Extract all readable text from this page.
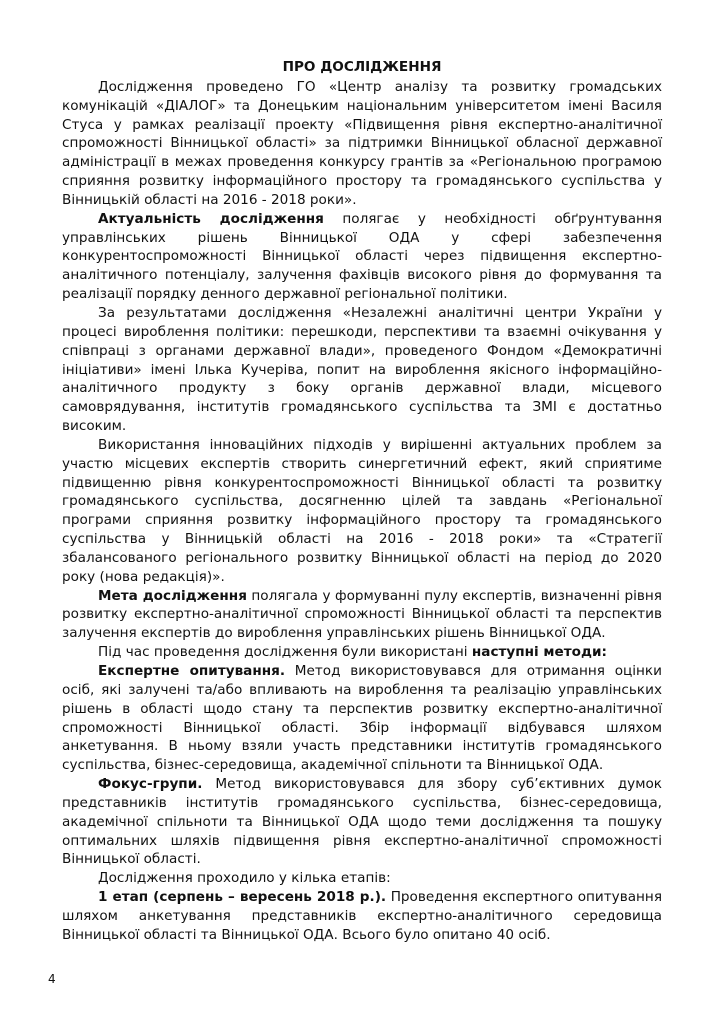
ПРО ДОСЛІДЖЕННЯ

Дослідження проведено ГО «Центр аналізу та розвитку громадських комунікацій «ДІАЛОГ» та Донецьким національним університетом імені Василя Стуса у рамках реалізації проекту «Підвищення рівня експертно-аналітичної спроможності Вінницької області» за підтримки Вінницької обласної державної адміністрації в межах проведення конкурсу грантів за «Регіональною програмою сприяння розвитку інформаційного простору та громадянського суспільства у Вінницькій області на 2016 - 2018 роки».

Актуальність дослідження полягає у необхідності обґрунтування управлінських рішень Вінницької ОДА у сфері забезпечення конкурентоспроможності Вінницької області через підвищення експертно-аналітичного потенціалу, залучення фахівців високого рівня до формування та реалізації порядку денного державної регіональної політики.

За результатами дослідження «Незалежні аналітичні центри України у процесі вироблення політики: перешкоди, перспективи та взаємні очікування у співпраці з органами державної влади», проведеного Фондом «Демократичні ініціативи» імені Ілька Кучеріва, попит на вироблення якісного інформаційно-аналітичного продукту з боку органів державної влади, місцевого самоврядування, інститутів громадянського суспільства та ЗМІ є достатньо високим.

Використання інноваційних підходів у вирішенні актуальних проблем за участю місцевих експертів створить синергетичний ефект, який сприятиме підвищенню рівня конкурентоспроможності Вінницької області та розвитку громадянського суспільства, досягненню цілей та завдань «Регіональної програми сприяння розвитку інформаційного простору та громадянського суспільства у Вінницькій області на 2016 - 2018 роки» та «Стратегії збалансованого регіонального розвитку Вінницької області на період до 2020 року (нова редакція)».

Мета дослідження полягала у формуванні пулу експертів, визначенні рівня розвитку експертно-аналітичної спроможності Вінницької області та перспектив залучення експертів до вироблення управлінських рішень Вінницької ОДА.

Під час проведення дослідження були використані наступні методи:

Експертне опитування. Метод використовувався для отримання оцінки осіб, які залучені та/або впливають на вироблення та реалізацію управлінських рішень в області щодо стану та перспектив розвитку експертно-аналітичної спроможності Вінницької області. Збір інформації відбувався шляхом анкетування. В ньому взяли участь представники інститутів громадянського суспільства, бізнес-середовища, академічної спільноти та Вінницької ОДА.

Фокус-групи. Метод використовувався для збору суб’єктивних думок представників інститутів громадянського суспільства, бізнес-середовища, академічної спільноти та Вінницької ОДА щодо теми дослідження та пошуку оптимальних шляхів підвищення рівня експертно-аналітичної спроможності Вінницької області.

Дослідження проходило у кілька етапів:

1 етап (серпень – вересень 2018 р.). Проведення експертного опитування шляхом анкетування представників експертно-аналітичного середовища Вінницької області та Вінницької ОДА. Всього було опитано 40 осіб.

4
